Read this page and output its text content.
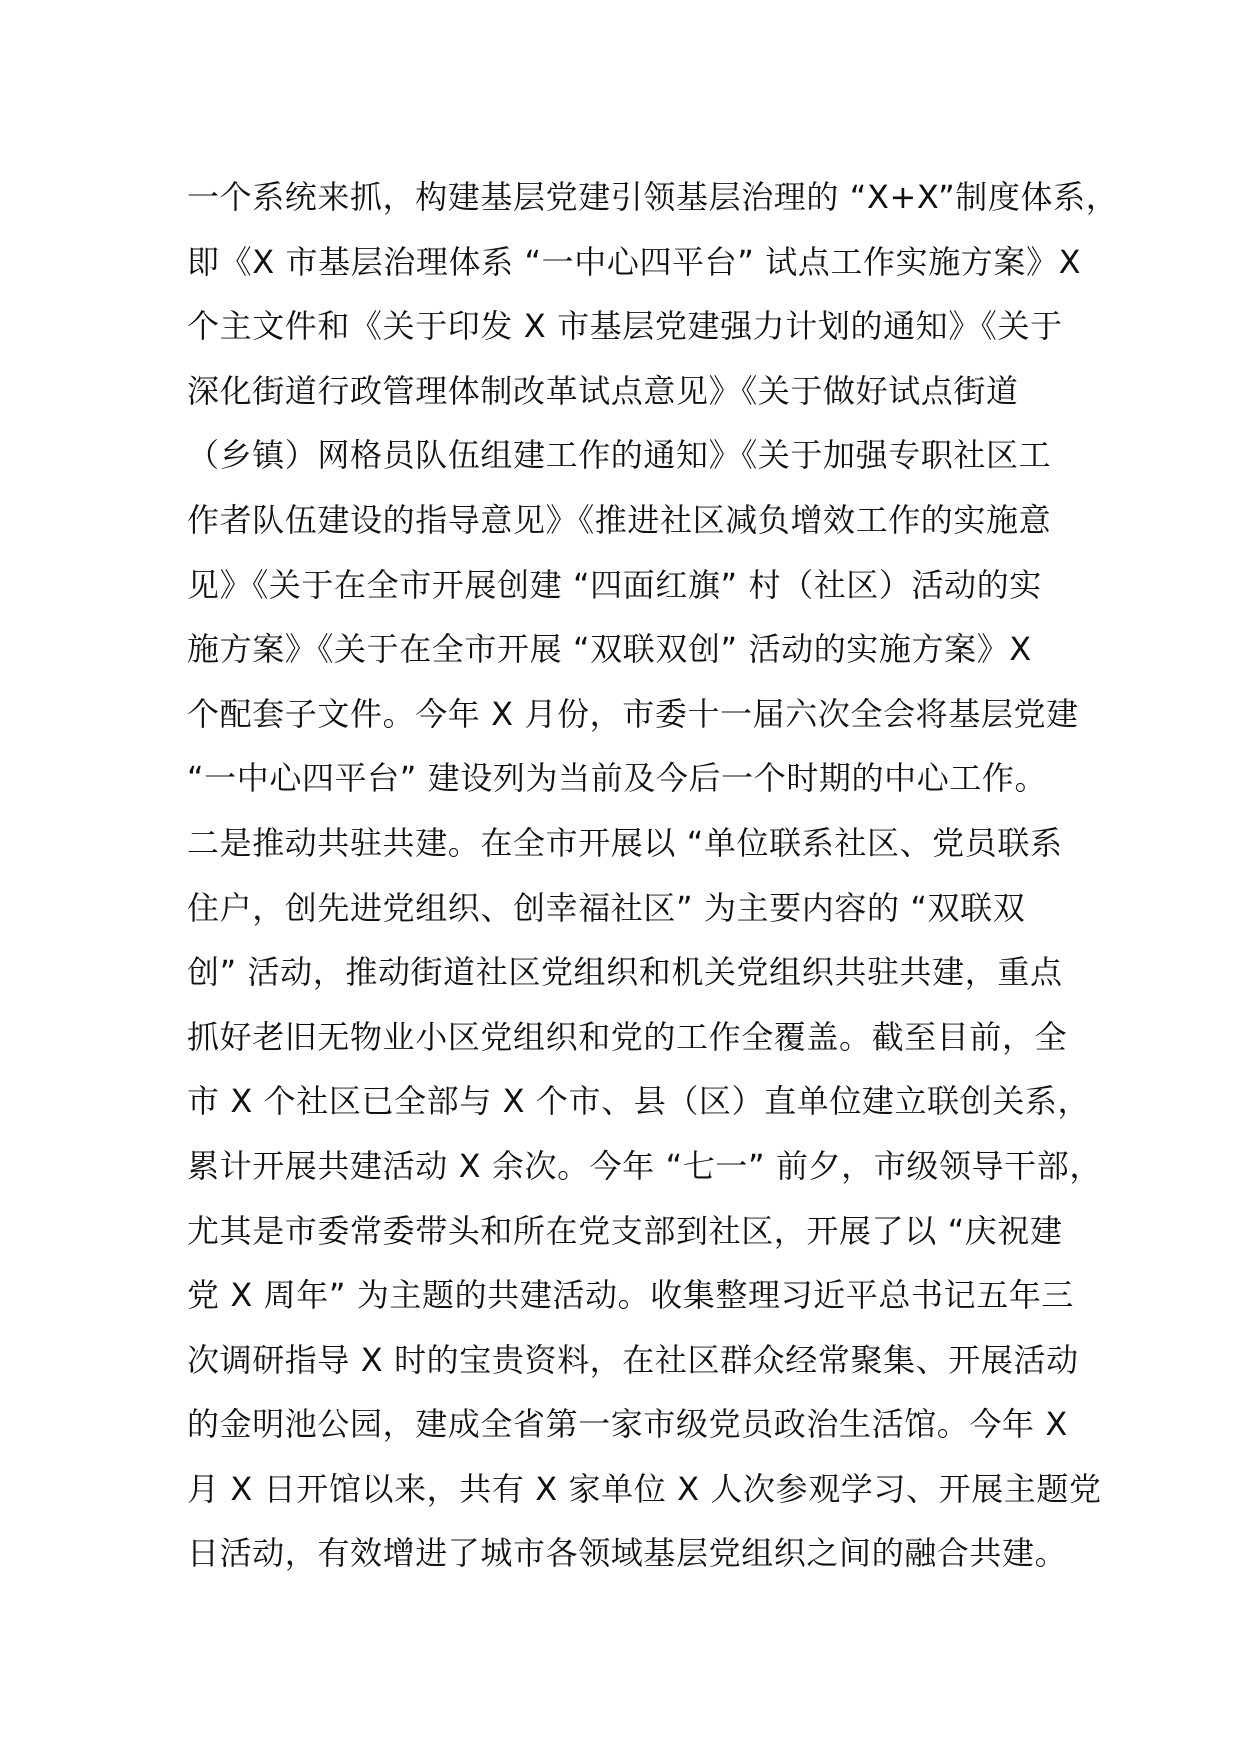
一个系统来抓，构建基层党建引领基层治理的 “X+X”制度体系，
即《X 市基层治理体系 “一中心四平台” 试点工作实施方案》X
个主文件和《关于印发 X 市基层党建强力计划的通知》《关于
深化街道行政管理体制改革试点意见》《关于做好试点街道
（乡镇）网格员队伍组建工作的通知》《关于加强专职社区工
作者队伍建设的指导意见》《推进社区减负增效工作的实施意
见》《关于在全市开展创建 “四面红旗” 村（社区）活动的实
施方案》《关于在全市开展 “双联双创” 活动的实施方案》X
个配套子文件。今年 X 月份，市委十一届六次全会将基层党建
“一中心四平台” 建设列为当前及今后一个时期的中心工作。
二是推动共驻共建。在全市开展以 “单位联系社区、党员联系
住户，创先进党组织、创幸福社区” 为主要内容的 “双联双
创” 活动，推动街道社区党组织和机关党组织共驻共建，重点
抓好老旧无物业小区党组织和党的工作全覆盖。截至目前，全
市 X 个社区已全部与 X 个市、县（区）直单位建立联创关系，
累计开展共建活动 X 余次。今年 “七一” 前夕，市级领导干部，
尤其是市委常委带头和所在党支部到社区，开展了以 “庆祝建
党 X 周年” 为主题的共建活动。收集整理习近平总书记五年三
次调研指导 X 时的宝贵资料，在社区群众经常聚集、开展活动
的金明池公园，建成全省第一家市级党员政治生活馆。今年 X
月 X 日开馆以来，共有 X 家单位 X 人次参观学习、开展主题党
日活动，有效增进了城市各领域基层党组织之间的融合共建。
